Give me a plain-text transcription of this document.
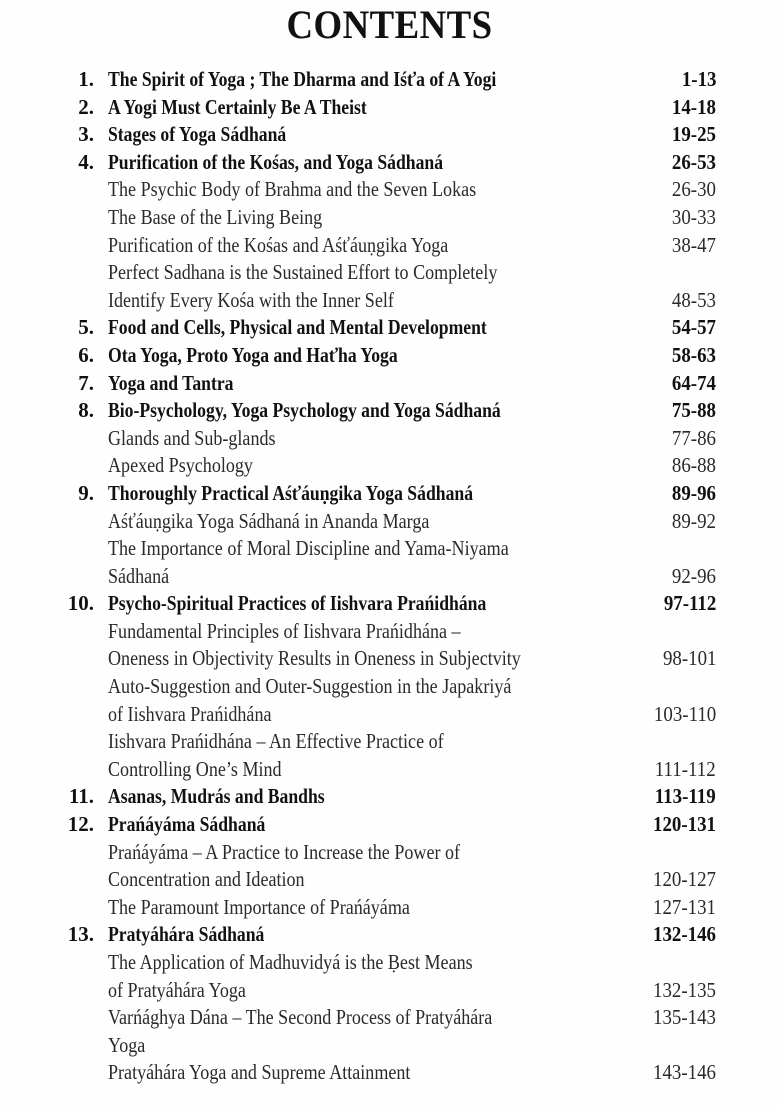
CONTENTS
1. The Spirit of Yoga ; The Dharma and Iśťa of A Yogi	1-13
2. A Yogi Must Certainly Be A Theist	14-18
3. Stages of Yoga Sádhaná	19-25
4. Purification of the Kośas, and Yoga Sádhaná	26-53
The Psychic Body of Brahma and the Seven Lokas	26-30
The Base of the Living Being	30-33
Purification of the Kośas and Aśťáuṇgika Yoga	38-47
Perfect Sadhana is the Sustained Effort to Completely
Identify Every Kośa with the Inner Self	48-53
5. Food and Cells, Physical and Mental Development	54-57
6. Ota Yoga, Proto Yoga and Haťha Yoga	58-63
7. Yoga and Tantra	64-74
8. Bio-Psychology, Yoga Psychology and Yoga Sádhaná	75-88
Glands and Sub-glands	77-86
Apexed Psychology	86-88
9. Thoroughly Practical Aśťáuṇgika Yoga Sádhaná	89-96
Aśťáuṇgika Yoga Sádhaná in Ananda Marga	89-92
The Importance of Moral Discipline and Yama-Niyama
Sádhaná	92-96
10. Psycho-Spiritual Practices of Iishvara Prańidhána	97-112
Fundamental Principles of Iishvara Prańidhána –
Oneness in Objectivity Results in Oneness in Subjectvity	98-101
Auto-Suggestion and Outer-Suggestion in the Japakriyá
of Iishvara Prańidhána	103-110
Iishvara Prańidhána – An Effective Practice of
Controlling One’s Mind	111-112
11. Asanas, Mudrás and Bandhs	113-119
12. Prańáyáma Sádhaná	120-131
Prańáyáma – A Practice to Increase the Power of
Concentration and Ideation	120-127
The Paramount Importance of Prańáyáma	127-131
13. Pratyáhára Sádhaná	132-146
The Application of Madhuvidyá is the Ḅest Means
of Pratyáhára Yoga	132-135
Varńághya Dána – The Second Process of Pratyáhára	135-143
Yoga
Pratyáhára Yoga and Supreme Attainment	143-146
